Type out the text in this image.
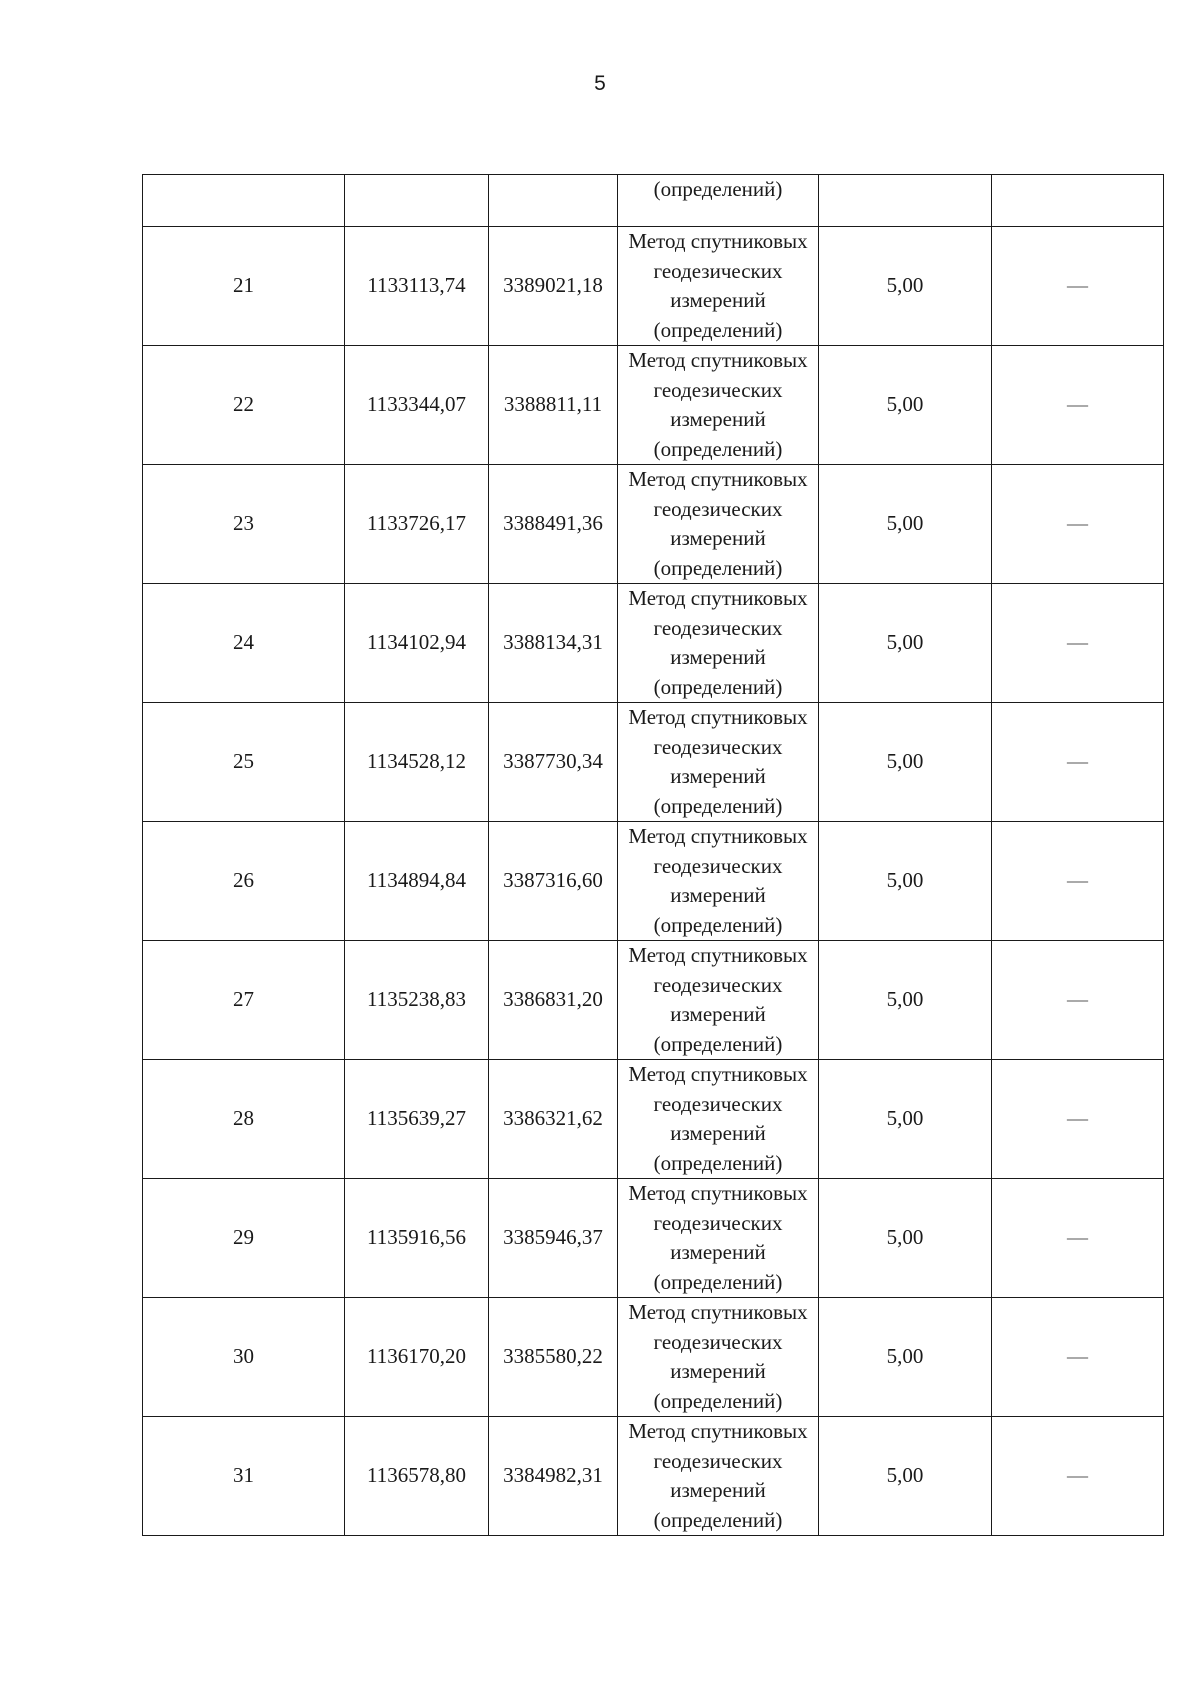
5
			(определений)		
21	1133113,74	3389021,18	Метод спутниковых
геодезических
измерений
(определений)	5,00	—
22	1133344,07	3388811,11	Метод спутниковых
геодезических
измерений
(определений)	5,00	—
23	1133726,17	3388491,36	Метод спутниковых
геодезических
измерений
(определений)	5,00	—
24	1134102,94	3388134,31	Метод спутниковых
геодезических
измерений
(определений)	5,00	—
25	1134528,12	3387730,34	Метод спутниковых
геодезических
измерений
(определений)	5,00	—
26	1134894,84	3387316,60	Метод спутниковых
геодезических
измерений
(определений)	5,00	—
27	1135238,83	3386831,20	Метод спутниковых
геодезических
измерений
(определений)	5,00	—
28	1135639,27	3386321,62	Метод спутниковых
геодезических
измерений
(определений)	5,00	—
29	1135916,56	3385946,37	Метод спутниковых
геодезических
измерений
(определений)	5,00	—
30	1136170,20	3385580,22	Метод спутниковых
геодезических
измерений
(определений)	5,00	—
31	1136578,80	3384982,31	Метод спутниковых
геодезических
измерений
(определений)	5,00	—
